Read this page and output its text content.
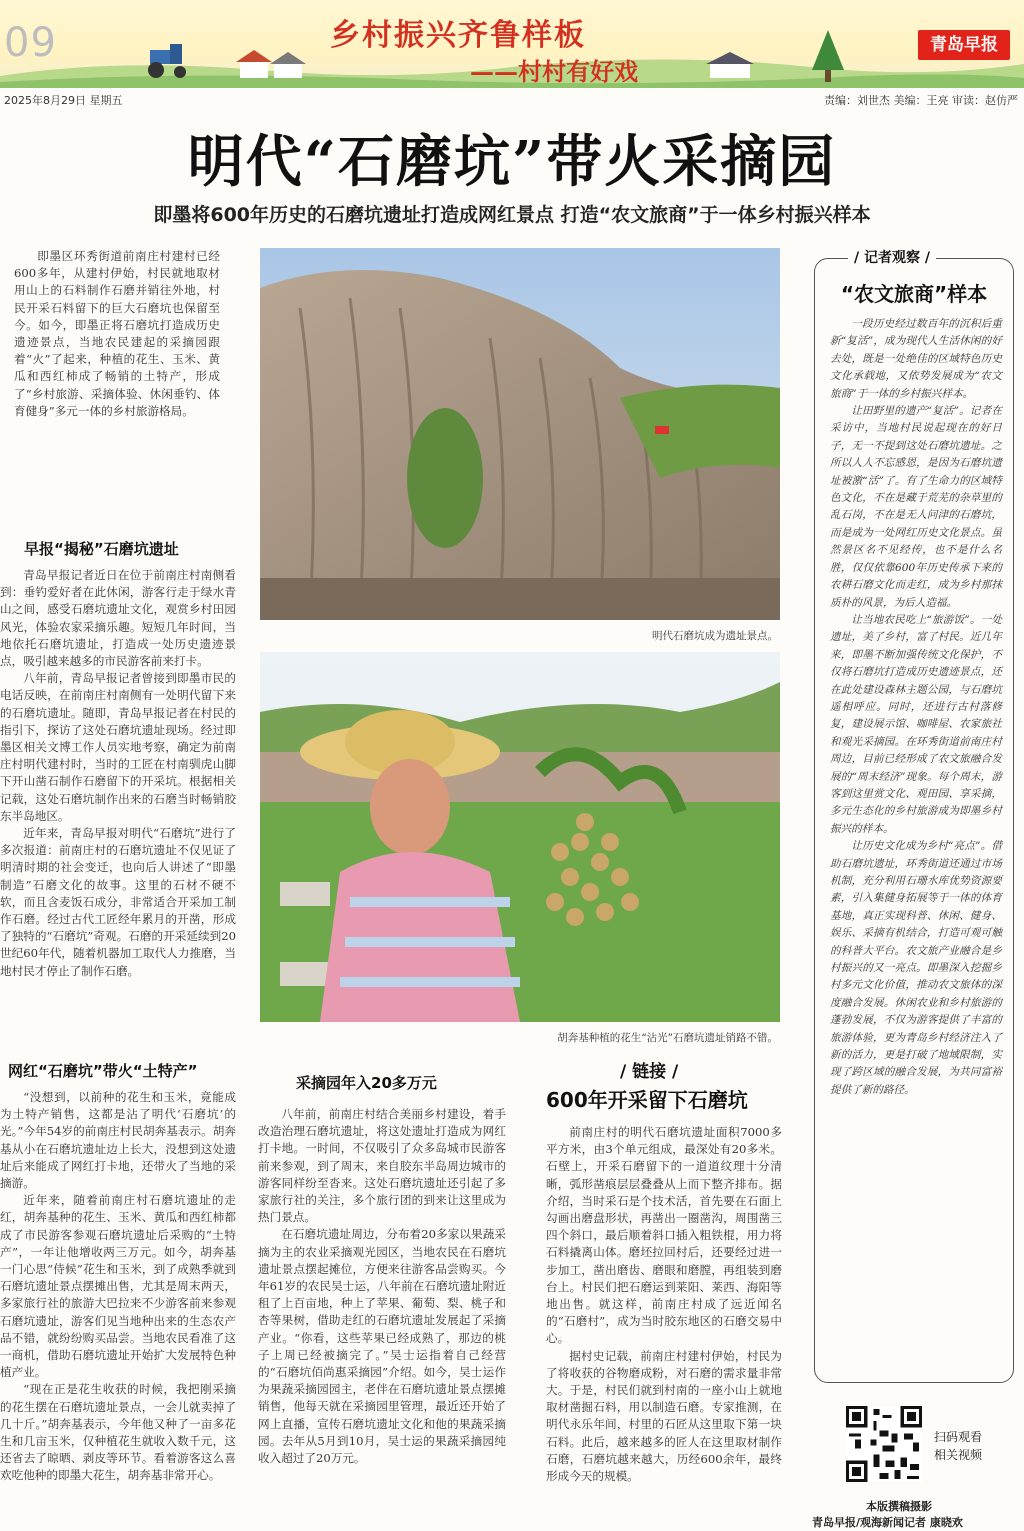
09	乡村振兴齐鲁样板
——村村有好戏
青岛早报
2025年8月29日 星期五	责编：刘世杰 美编：王亮 审读：赵仿严
明代“石磨坑”带火采摘园
即墨将600年历史的石磨坑遗址打造成网红景点 打造“农文旅商”于一体乡村振兴样本

即墨区环秀街道前南庄村建村已经600多年，从建村伊始，村民就地取材用山上的石料制作石磨并销往外地，村民开采石料留下的巨大石磨坑也保留至今。如今，即墨正将石磨坑打造成历史遗迹景点，当地农民建起的采摘园跟着“火”了起来，种植的花生、玉米、黄瓜和西红柿成了畅销的土特产，形成了“乡村旅游、采摘体验、休闲垂钓、体育健身”多元一体的乡村旅游格局。

早报“揭秘”石磨坑遗址

青岛早报记者近日在位于前南庄村南侧看到：垂钓爱好者在此休闲，游客行走于绿水青山之间，感受石磨坑遗址文化，观赏乡村田园风光，体验农家采摘乐趣。短短几年时间，当地依托石磨坑遗址，打造成一处历史遗迹景点，吸引越来越多的市民游客前来打卡。

八年前，青岛早报记者曾接到即墨市民的电话反映，在前南庄村南侧有一处明代留下来的石磨坑遗址。随即，青岛早报记者在村民的指引下，探访了这处石磨坑遗址现场。经过即墨区相关文博工作人员实地考察，确定为前南庄村明代建村时，当时的工匠在村南驯虎山脚下开山凿石制作石磨留下的开采坑。根据相关记载，这处石磨坑制作出来的石磨当时畅销胶东半岛地区。

近年来，青岛早报对明代“石磨坑”进行了多次报道：前南庄村的石磨坑遗址不仅见证了明清时期的社会变迁，也向后人讲述了“即墨制造”石磨文化的故事。这里的石材不硬不软，而且含麦饭石成分，非常适合开采加工制作石磨。经过古代工匠经年累月的开凿，形成了独特的“石磨坑”奇观。石磨的开采延续到20世纪60年代，随着机器加工取代人力推磨，当地村民才停止了制作石磨。

网红“石磨坑”带火“土特产”

“没想到，以前种的花生和玉米，竟能成为土特产销售，这都是沾了明代‘石磨坑’的光。”今年54岁的前南庄村民胡奔基表示。胡奔基从小在石磨坑遗址边上长大，没想到这处遗址后来能成了网红打卡地，还带火了当地的采摘游。

近年来，随着前南庄村石磨坑遗址的走红，胡奔基种的花生、玉米、黄瓜和西红柿都成了市民游客参观石磨坑遗址后采购的“土特产”，一年让他增收两三万元。如今，胡奔基一门心思“侍候”花生和玉米，到了成熟季就到石磨坑遗址景点摆摊出售，尤其是周末两天，多家旅行社的旅游大巴拉来不少游客前来参观石磨坑遗址，游客们见当地种出来的生态农产品不错，就纷纷购买品尝。当地农民看准了这一商机，借助石磨坑遗址开始扩大发展特色种植产业。

“现在正是花生收获的时候，我把刚采摘的花生摆在石磨坑遗址景点，一会儿就卖掉了几十斤。”胡奔基表示，今年他又种了一亩多花生和几亩玉米，仅种植花生就收入数千元，这还省去了晾晒、剥皮等环节。看着游客这么喜欢吃他种的即墨大花生，胡奔基非常开心。

明代石磨坑成为遗址景点。
胡奔基种植的花生“沾光”石磨坑遗址销路不错。
采摘园年入20多万元

八年前，前南庄村结合美丽乡村建设，着手改造治理石磨坑遗址，将这处遗址打造成为网红打卡地。一时间，不仅吸引了众多岛城市民游客前来参观，到了周末，来自胶东半岛周边城市的游客同样纷至沓来。这处石磨坑遗址还引起了多家旅行社的关注，多个旅行团的到来让这里成为热门景点。

在石磨坑遗址周边，分布着20多家以果蔬采摘为主的农业采摘观光园区，当地农民在石磨坑遗址景点摆起摊位，方便来往游客品尝购买。今年61岁的农民吴士运，八年前在石磨坑遗址附近租了上百亩地，种上了苹果、葡萄、梨、桃子和杏等果树，借助走红的石磨坑遗址发展起了采摘产业。“你看，这些苹果已经成熟了，那边的桃子上周已经被摘完了。”吴士运指着自己经营的“石磨坑佰尚惠采摘园”介绍。如今，吴士运作为果蔬采摘园园主，老伴在石磨坑遗址景点摆摊销售，他每天就在采摘园里管理，最近还开始了网上直播，宣传石磨坑遗址文化和他的果蔬采摘园。去年从5月到10月，吴士运的果蔬采摘园纯收入超过了20万元。

/ 链接 /
600年开采留下石磨坑

前南庄村的明代石磨坑遗址面积7000多平方米，由3个单元组成，最深处有20多米。石壁上，开采石磨留下的一道道纹理十分清晰，弧形凿痕层层叠叠从上而下整齐排布。据介绍，当时采石是个技术活，首先要在石面上勾画出磨盘形状，再凿出一圈凿沟，周围凿三四个斜口，最后顺着斜口插入粗铁棍，用力将石料撬离山体。磨坯拉回村后，还要经过进一步加工，凿出磨齿、磨眼和磨膛，再组装到磨台上。村民们把石磨运到莱阳、莱西、海阳等地出售。就这样，前南庄村成了远近闻名的“石磨村”，成为当时胶东地区的石磨交易中心。

据村史记载，前南庄村建村伊始，村民为了将收获的谷物磨成粉，对石磨的需求量非常大。于是，村民们就到村南的一座小山上就地取材凿掘石料，用以制造石磨。专家推测，在明代永乐年间，村里的石匠从这里取下第一块石料。此后，越来越多的匠人在这里取材制作石磨，石磨坑越来越大，历经600余年，最终形成今天的规模。

/ 记者观察 /
“农文旅商”样本

一段历史经过数百年的沉积后重新“复活”，成为现代人生活休闲的好去处，既是一处绝佳的区域特色历史文化承载地，又依势发展成为“农文旅商”于一体的乡村振兴样本。

让田野里的遗产“复活”。记者在采访中，当地村民说起现在的好日子，无一不提到这处石磨坑遗址。之所以人人不忘感恩，是因为石磨坑遗址被激“活”了。有了生命力的区域特色文化，不在是藏于荒芜的杂草里的乱石岗，不在是无人问津的石磨坑，而是成为一处网红历史文化景点。虽然景区名不见经传，也不是什么名胜，仅仅依靠600年历史传承下来的农耕石磨文化而走红，成为乡村那抹质朴的风景，为后人造福。

让当地农民吃上“旅游饭”。一处遗址，美了乡村，富了村民。近几年来，即墨不断加强传统文化保护，不仅将石磨坑打造成历史遗迹景点，还在此处建设森林主题公园，与石磨坑遥相呼应。同时，还进行古村落修复，建设展示馆、咖啡屋、农家旅社和观光采摘园。在环秀街道前南庄村周边，目前已经形成了农文旅融合发展的“周末经济”现象。每个周末，游客到这里赏文化、观田园、享采摘，多元生态化的乡村旅游成为即墨乡村振兴的样本。

让历史文化成为乡村“亮点”。借助石磨坑遗址，环秀街道还通过市场机制，充分利用石珊水库优势资源要素，引入集健身拓展等于一体的体育基地，真正实现科普、休闲、健身、娱乐、采摘有机结合，打造可观可触的科普大平台。农文旅产业融合是乡村振兴的又一亮点。即墨深入挖掘乡村多元文化价值，推动农文旅体的深度融合发展。休闲农业和乡村旅游的蓬勃发展，不仅为游客提供了丰富的旅游体验，更为青岛乡村经济注入了新的活力，更是打破了地域限制，实现了跨区域的融合发展，为共同富裕提供了新的路径。

扫码观看
相关视频
本版撰稿摄影
青岛早报/观海新闻记者 康晓欢
